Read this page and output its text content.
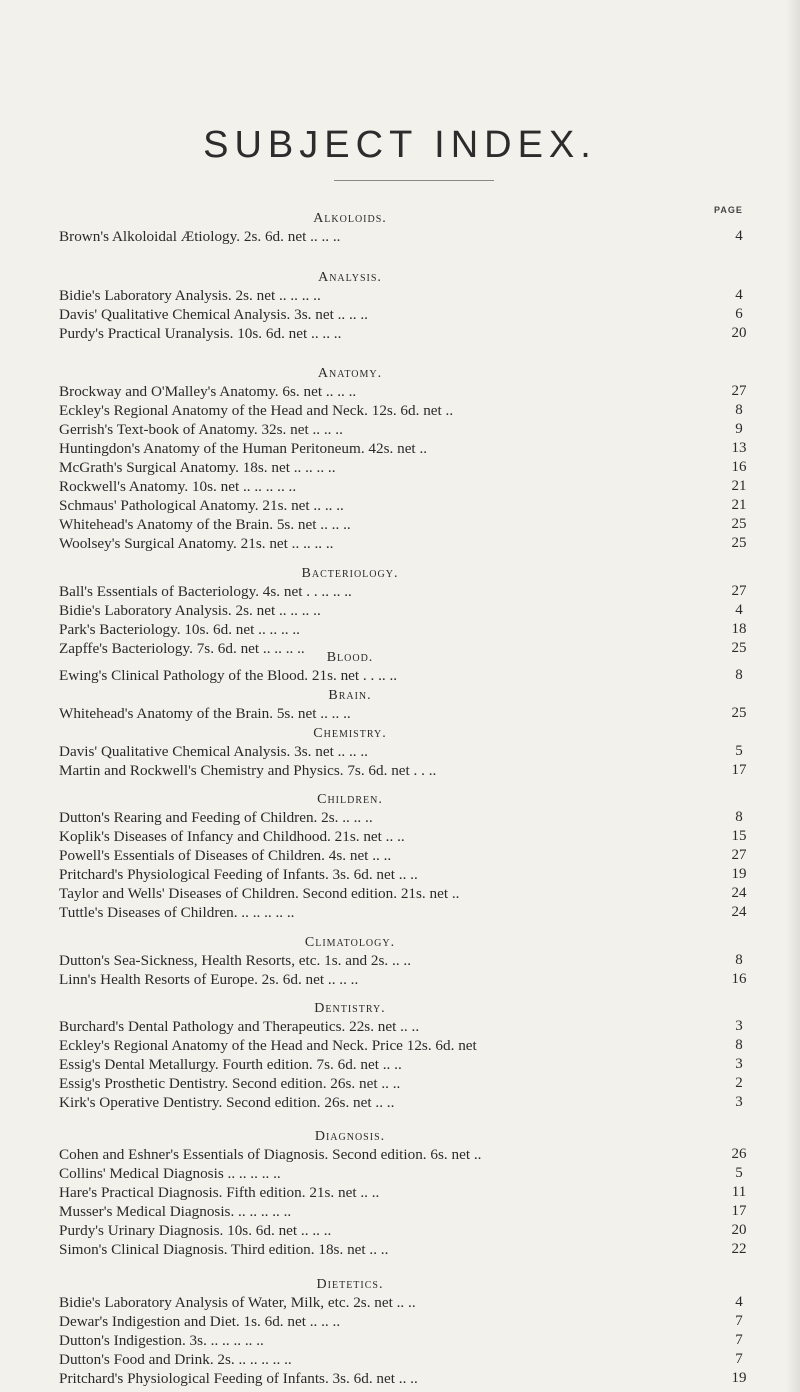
SUBJECT INDEX.
PAGE
Alkoloids.
Brown's Alkoloidal Ætiology. 2s. 6d. net .. .. ..	4
Analysis.
Bidie's Laboratory Analysis. 2s. net .. .. .. ..	4
Davis' Qualitative Chemical Analysis. 3s. net .. .. ..	6
Purdy's Practical Uranalysis. 10s. 6d. net .. .. ..	20
Anatomy.
Brockway and O'Malley's Anatomy. 6s. net .. .. ..	27
Eckley's Regional Anatomy of the Head and Neck. 12s. 6d. net ..	8
Gerrish's Text-book of Anatomy. 32s. net .. .. ..	9
Huntingdon's Anatomy of the Human Peritoneum. 42s. net ..	13
McGrath's Surgical Anatomy. 18s. net .. .. .. ..	16
Rockwell's Anatomy. 10s. net .. .. .. .. ..	21
Schmaus' Pathological Anatomy. 21s. net .. .. ..	21
Whitehead's Anatomy of the Brain. 5s. net .. .. ..	25
Woolsey's Surgical Anatomy. 21s. net .. .. .. ..	25
Bacteriology.
Ball's Essentials of Bacteriology. 4s. net . . .. .. ..	27
Bidie's Laboratory Analysis. 2s. net .. .. .. ..	4
Park's Bacteriology. 10s. 6d. net .. .. .. ..	18
Zapffe's Bacteriology. 7s. 6d. net .. .. .. ..	25
Blood.
Ewing's Clinical Pathology of the Blood. 21s. net . . .. ..	8
Brain.
Whitehead's Anatomy of the Brain. 5s. net .. .. ..	25
Chemistry.
Davis' Qualitative Chemical Analysis. 3s. net .. .. ..	5
Martin and Rockwell's Chemistry and Physics. 7s. 6d. net . . ..	17
Children.
Dutton's Rearing and Feeding of Children. 2s. .. .. ..	8
Koplik's Diseases of Infancy and Childhood. 21s. net .. ..	15
Powell's Essentials of Diseases of Children. 4s. net .. ..	27
Pritchard's Physiological Feeding of Infants. 3s. 6d. net .. ..	19
Taylor and Wells' Diseases of Children. Second edition. 21s. net ..	24
Tuttle's Diseases of Children. .. .. .. .. ..	24
Climatology.
Dutton's Sea-Sickness, Health Resorts, etc. 1s. and 2s. .. ..	8
Linn's Health Resorts of Europe. 2s. 6d. net .. .. ..	16
Dentistry.
Burchard's Dental Pathology and Therapeutics. 22s. net .. ..	3
Eckley's Regional Anatomy of the Head and Neck. Price 12s. 6d. net	8
Essig's Dental Metallurgy. Fourth edition. 7s. 6d. net .. ..	3
Essig's Prosthetic Dentistry. Second edition. 26s. net .. ..	2
Kirk's Operative Dentistry. Second edition. 26s. net .. ..	3
Diagnosis.
Cohen and Eshner's Essentials of Diagnosis. Second edition. 6s. net ..	26
Collins' Medical Diagnosis .. .. .. .. ..	5
Hare's Practical Diagnosis. Fifth edition. 21s. net .. ..	11
Musser's Medical Diagnosis. .. .. .. .. ..	17
Purdy's Urinary Diagnosis. 10s. 6d. net .. .. ..	20
Simon's Clinical Diagnosis. Third edition. 18s. net .. ..	22
Dietetics.
Bidie's Laboratory Analysis of Water, Milk, etc. 2s. net .. ..	4
Dewar's Indigestion and Diet. 1s. 6d. net .. .. ..	7
Dutton's Indigestion. 3s. .. .. .. .. ..	7
Dutton's Food and Drink. 2s. .. .. .. .. ..	7
Pritchard's Physiological Feeding of Infants. 3s. 6d. net .. ..	19
